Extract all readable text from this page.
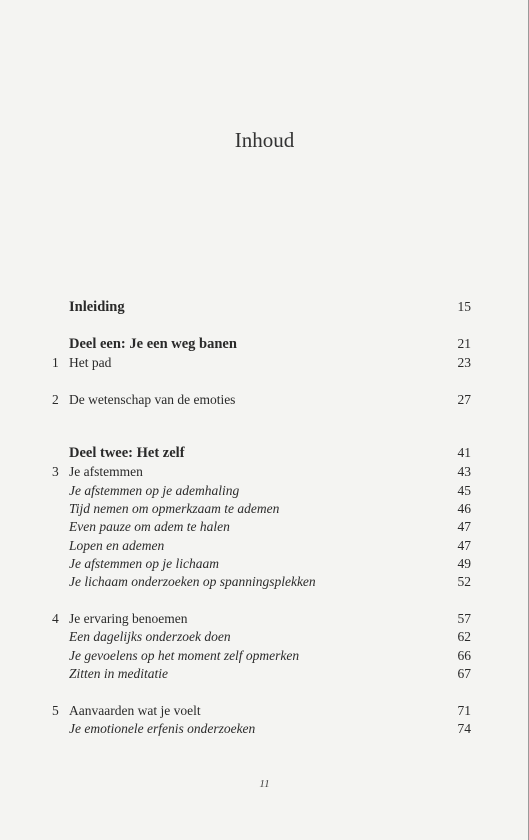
Inhoud
Inleiding	15
Deel een: Je een weg banen	21
1 Het pad	23
2 De wetenschap van de emoties	27
Deel twee: Het zelf	41
3 Je afstemmen	43
Je afstemmen op je ademhaling	45
Tijd nemen om opmerkzaam te ademen	46
Even pauze om adem te halen	47
Lopen en ademen	47
Je afstemmen op je lichaam	49
Je lichaam onderzoeken op spanningsplekken	52
4 Je ervaring benoemen	57
Een dagelijks onderzoek doen	62
Je gevoelens op het moment zelf opmerken	66
Zitten in meditatie	67
5 Aanvaarden wat je voelt	71
Je emotionele erfenis onderzoeken	74
11
